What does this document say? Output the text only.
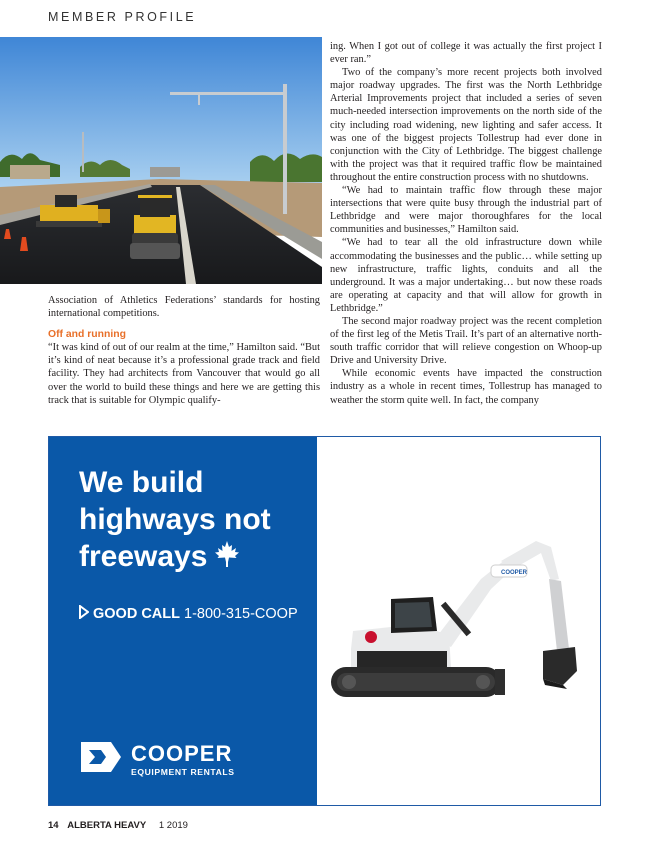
MEMBER PROFILE

Association of Athletics Federations’ standards for hosting international competitions.

Off and running

“It was kind of out of our realm at the time,” Hamilton said. “But it’s kind of neat because it’s a professional grade track and field facility. They had architects from Vancouver that would go all over the world to build these things and here we are getting this track that is suitable for Olympic qualify-

ing. When I got out of college it was actually the first project I ever ran.”

Two of the company’s more recent projects both involved major roadway upgrades. The first was the North Lethbridge Arterial Improvements project that included a series of seven much-needed intersection improvements on the north side of the city including road widening, new lighting and safer access. It was one of the biggest projects Tollestrup had ever done in conjunction with the City of Lethbridge. The biggest challenge with the project was that it required traffic flow be maintained throughout the entire construction process with no shutdowns.

“We had to maintain traffic flow through these major intersections that were quite busy through the industrial part of Lethbridge and were major thoroughfares for the local communities and businesses,” Hamilton said.

“We had to tear all the old infrastructure down while accommodating the businesses and the public… while setting up new infrastructure, traffic lights, conduits and all the underground. It was a major undertaking… but now these roads are operating at capacity and that will allow for growth in Lethbridge.”

The second major roadway project was the recent completion of the first leg of the Metis Trail. It’s part of an alternative north-south traffic corridor that will relieve congestion on Whoop-up Drive and University Drive.

While economic events have impacted the construction industry as a whole in recent times, Tollestrup has managed to weather the storm quite well. In fact, the company

We build
highways not
freeways
GOOD CALL 1-800-315-COOP
COOPER
EQUIPMENT RENTALS
COOPER
14 ALBERTA HEAVY 1 2019
